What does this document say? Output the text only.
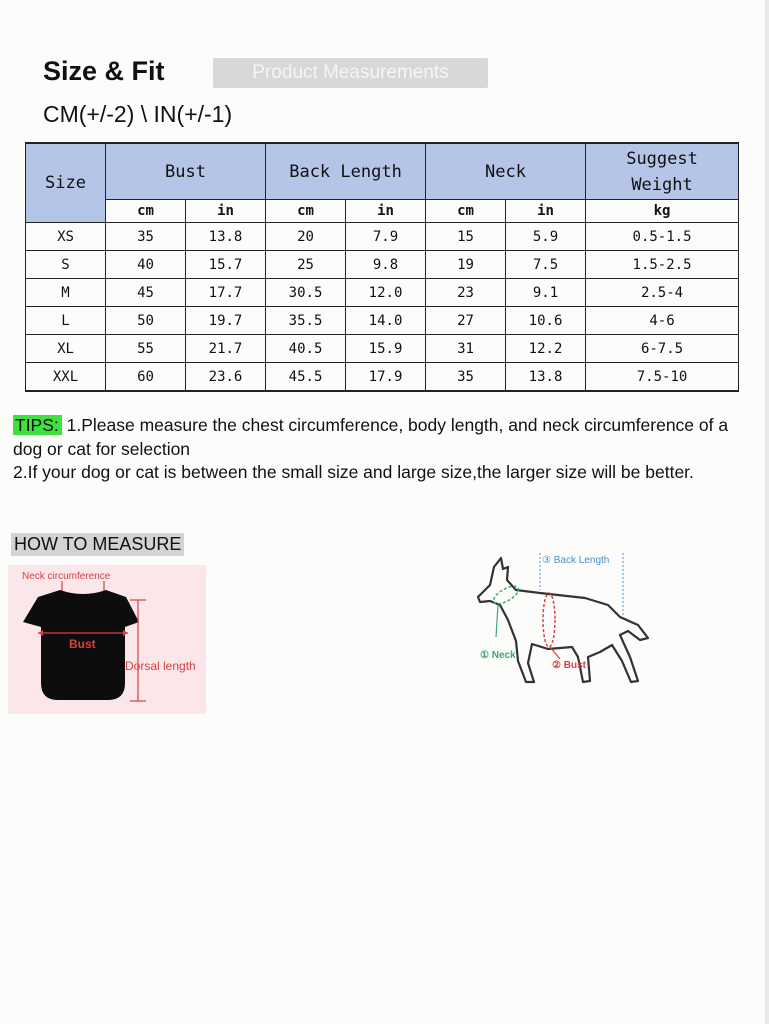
Size & Fit	Product Measurements
CM(+/-2) \ IN(+/-1)
Size	Bust		Back Length		Neck		Suggest
Weight
	cm	in	cm	in	cm	in	kg
XS	35	13.8	20	7.9	15	5.9	0.5-1.5
S	40	15.7	25	9.8	19	7.5	1.5-2.5
M	45	17.7	30.5	12.0	23	9.1	2.5-4
L	50	19.7	35.5	14.0	27	10.6	4-6
XL	55	21.7	40.5	15.9	31	12.2	6-7.5
XXL	60	23.6	45.5	17.9	35	13.8	7.5-10
TIPS: 1.Please measure the chest circumference, body length, and neck circumference of a dog or cat for selection
2.If your dog or cat is between the small size and large size,the larger size will be better.
HOW TO MEASURE
Neck circumference
Bust
Dorsal length
③ Back Length
① Neck
② Bust
